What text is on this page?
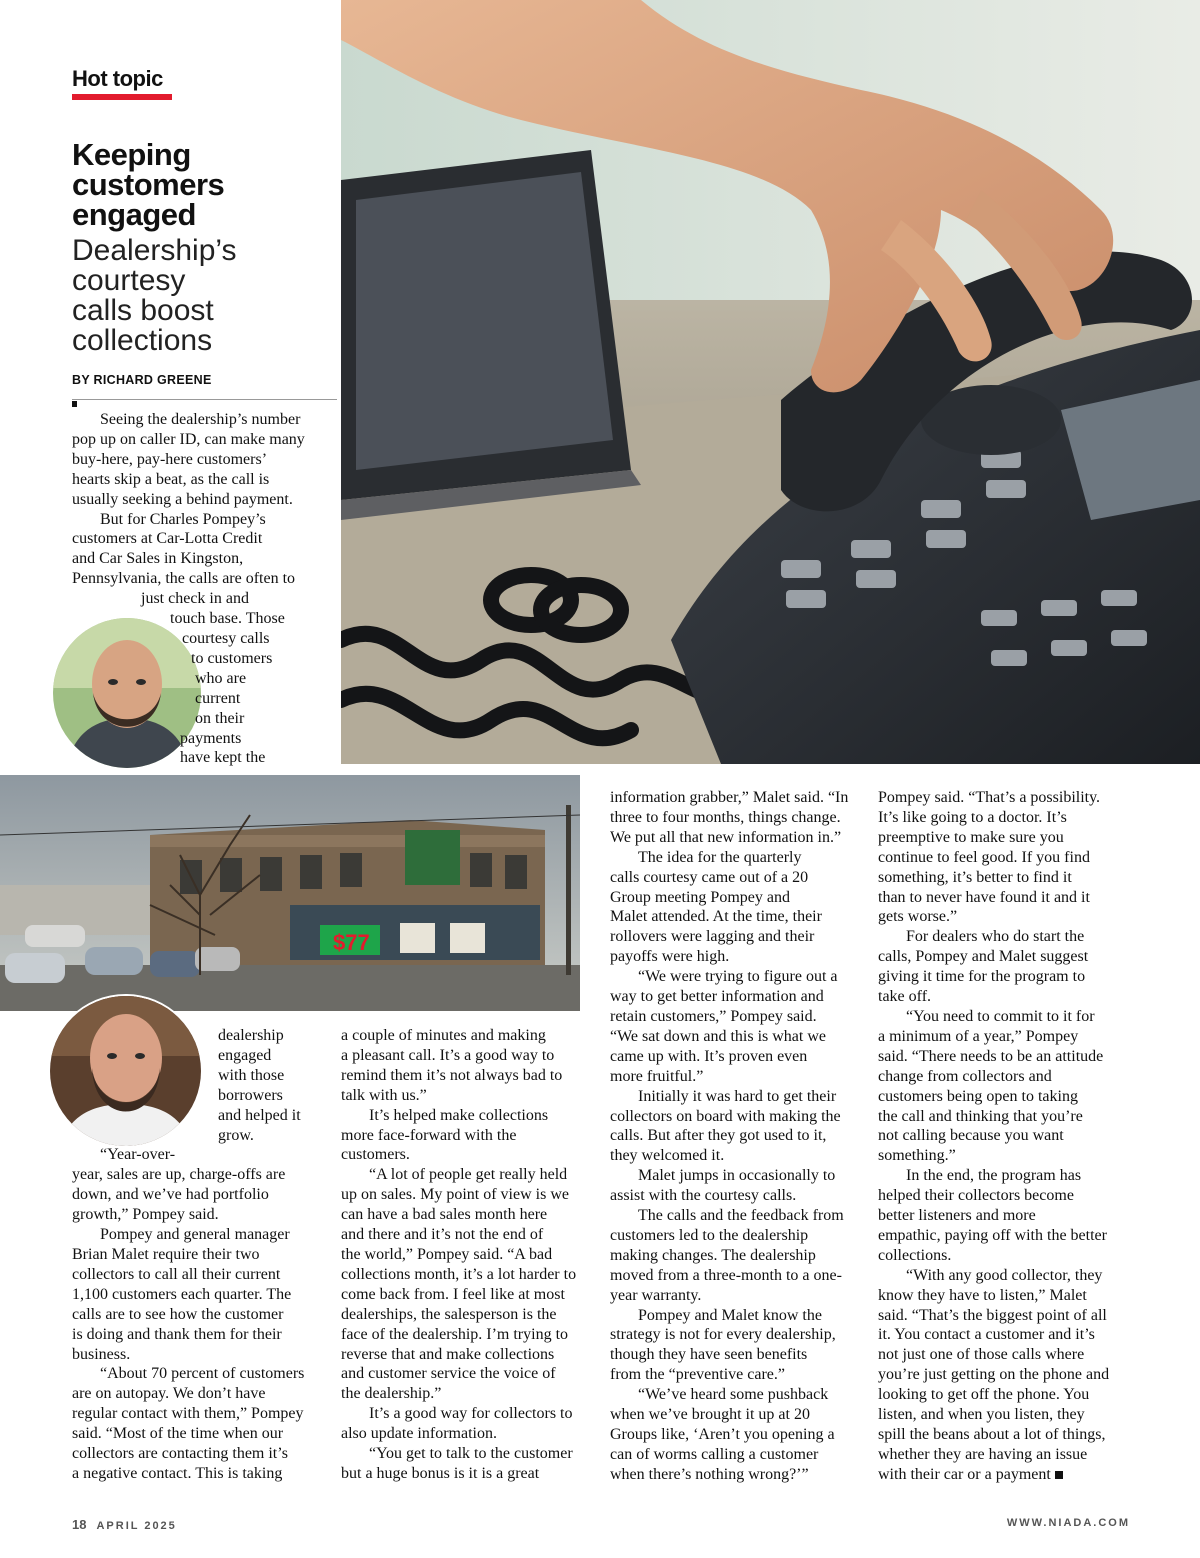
Hot topic
Keeping
customers
engaged
Dealership’s
courtesy
calls boost
collections
BY RICHARD GREENE
$77

Seeing the dealership’s number
pop up on caller ID, can make many
buy-here, pay-here customers’
hearts skip a beat, as the call is
usually seeking a behind payment.

But for Charles Pompey’s
customers at Car-Lotta Credit
and Car Sales in Kingston,
Pennsylvania, the calls are often to
just check in and
touch base. Those
courtesy calls
to customers
who are
current
on their
payments
have kept the

dealership
engaged
with those
borrowers
and helped it
grow.

“Year-over-
year, sales are up, charge-offs are
down, and we’ve had portfolio
growth,” Pompey said.

Pompey and general manager
Brian Malet require their two
collectors to call all their current
1,100 customers each quarter. The
calls are to see how the customer
is doing and thank them for their
business.

“About 70 percent of customers
are on autopay. We don’t have
regular contact with them,” Pompey
said. “Most of the time when our
collectors are contacting them it’s
a negative contact. This is taking

a couple of minutes and making
a pleasant call. It’s a good way to
remind them it’s not always bad to
talk with us.”

It’s helped make collections
more face-forward with the
customers.

“A lot of people get really held
up on sales. My point of view is we
can have a bad sales month here
and there and it’s not the end of
the world,” Pompey said. “A bad
collections month, it’s a lot harder to
come back from. I feel like at most
dealerships, the salesperson is the
face of the dealership. I’m trying to
reverse that and make collections
and customer service the voice of
the dealership.”

It’s a good way for collectors to
also update information.

“You get to talk to the customer
but a huge bonus is it is a great

information grabber,” Malet said. “In
three to four months, things change.
We put all that new information in.”

The idea for the quarterly
calls courtesy came out of a 20
Group meeting Pompey and
Malet attended. At the time, their
rollovers were lagging and their
payoffs were high.

“We were trying to figure out a
way to get better information and
retain customers,” Pompey said.
“We sat down and this is what we
came up with. It’s proven even
more fruitful.”

Initially it was hard to get their
collectors on board with making the
calls. But after they got used to it,
they welcomed it.

Malet jumps in occasionally to
assist with the courtesy calls.

The calls and the feedback from
customers led to the dealership
making changes. The dealership
moved from a three-month to a one-
year warranty.

Pompey and Malet know the
strategy is not for every dealership,
though they have seen benefits
from the “preventive care.”

“We’ve heard some pushback
when we’ve brought it up at 20
Groups like, ‘Aren’t you opening a
can of worms calling a customer
when there’s nothing wrong?’”

Pompey said. “That’s a possibility.
It’s like going to a doctor. It’s
preemptive to make sure you
continue to feel good. If you find
something, it’s better to find it
than to never have found it and it
gets worse.”

For dealers who do start the
calls, Pompey and Malet suggest
giving it time for the program to
take off.

“You need to commit to it for
a minimum of a year,” Pompey
said. “There needs to be an attitude
change from collectors and
customers being open to taking
the call and thinking that you’re
not calling because you want
something.”

In the end, the program has
helped their collectors become
better listeners and more
empathic, paying off with the better
collections.

“With any good collector, they
know they have to listen,” Malet
said. “That’s the biggest point of all
it. You contact a customer and it’s
not just one of those calls where
you’re just getting on the phone and
looking to get off the phone. You
listen, and when you listen, they
spill the beans about a lot of things,
whether they are having an issue
with their car or a payment

18 APRIL 2025	WWW.NIADA.COM
